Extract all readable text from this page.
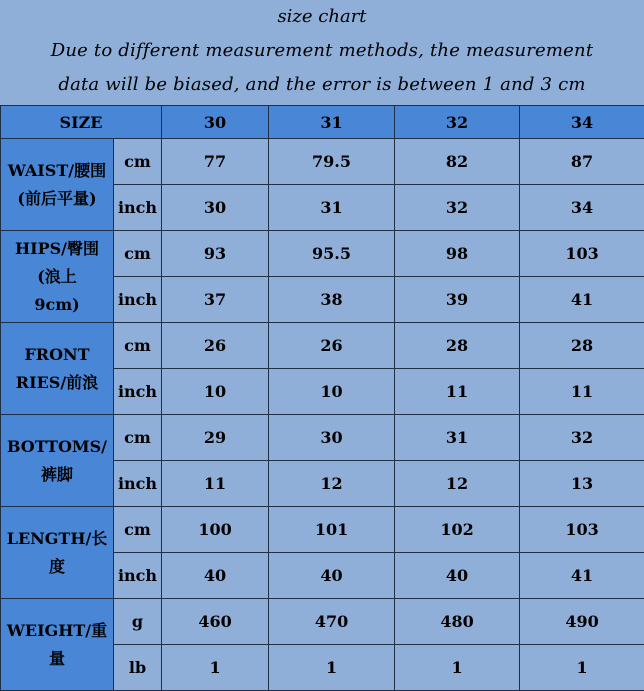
size chart
Due to different measurement methods, the measurement
data will be biased, and the error is between 1 and 3 cm
SIZE		30	31	32	34

WAIST/腰围
(前后平量)	cm	77	79.5	82	87
	inch	30	31	32	34

HIPS/臀围
(浪上
9cm)	cm	93	95.5	98	103
	inch	37	38	39	41

FRONT
RIES/前浪	cm	26	26	28	28
	inch	10	10	11	11

BOTTOMS/
裤脚	cm	29	30	31	32
	inch	11	12	12	13

LENGTH/长
度	cm	100	101	102	103
	inch	40	40	40	41

WEIGHT/重
量	g	460	470	480	490
	lb	1	1	1	1
